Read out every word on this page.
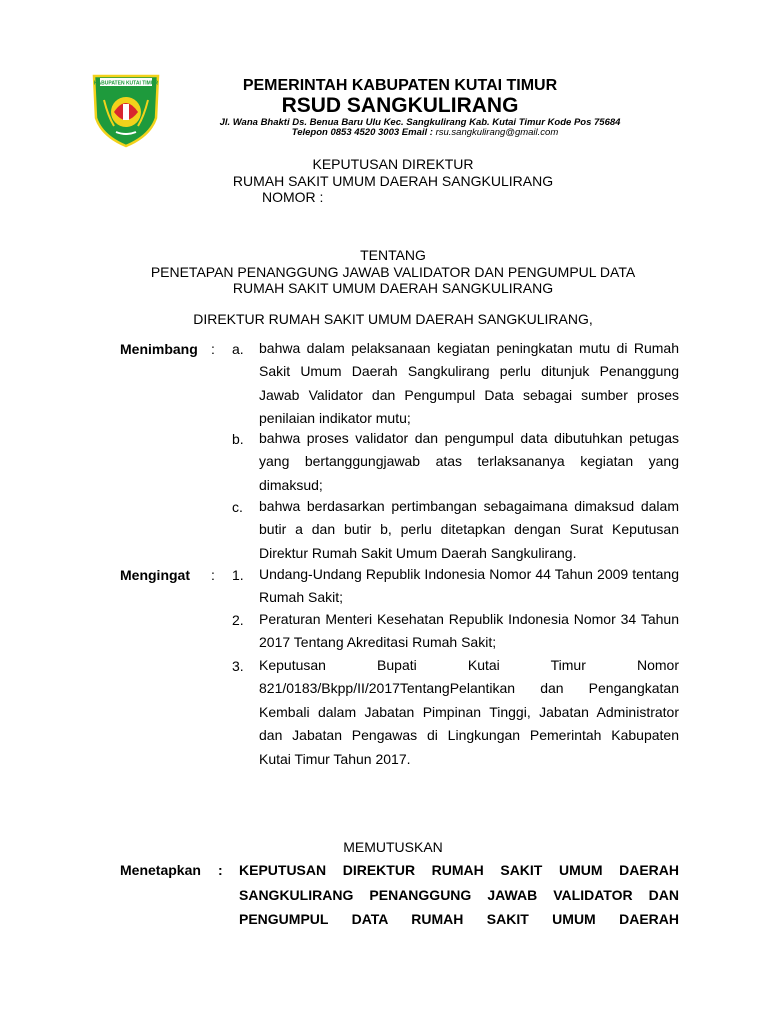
KABUPATEN KUTAI TIMUR	PEMERINTAH KABUPATEN KUTAI TIMUR
RSUD SANGKULIRANG
Jl. Wana Bhakti Ds. Benua Baru Ulu Kec. Sangkulirang Kab. Kutai Timur Kode Pos 75684
Telepon 0853 4520 3003 Email : rsu.sangkulirang@gmail.com
KEPUTUSAN DIREKTUR
RUMAH SAKIT UMUM DAERAH SANGKULIRANG
NOMOR :
TENTANG
PENETAPAN PENANGGUNG JAWAB VALIDATOR DAN PENGUMPUL DATA
RUMAH SAKIT UMUM DAERAH SANGKULIRANG
DIREKTUR RUMAH SAKIT UMUM DAERAH SANGKULIRANG,
Menimbang : a. bahwa dalam pelaksanaan kegiatan peningkatan mutu di Rumah Sakit Umum Daerah Sangkulirang perlu ditunjuk Penanggung Jawab Validator dan Pengumpul Data sebagai sumber proses penilaian indikator mutu;
b. bahwa proses validator dan pengumpul data dibutuhkan petugas yang bertanggungjawab atas terlaksananya kegiatan yang dimaksud;
c. bahwa berdasarkan pertimbangan sebagaimana dimaksud dalam butir a dan butir b, perlu ditetapkan dengan Surat Keputusan Direktur Rumah Sakit Umum Daerah Sangkulirang.
Mengingat : 1. Undang-Undang Republik Indonesia Nomor 44 Tahun 2009 tentang Rumah Sakit;
2. Peraturan Menteri Kesehatan Republik Indonesia Nomor 34 Tahun 2017 Tentang Akreditasi Rumah Sakit;
3. Keputusan Bupati Kutai Timur Nomor 821/0183/Bkpp/II/2017TentangPelantikan dan Pengangkatan Kembali dalam Jabatan Pimpinan Tinggi, Jabatan Administrator dan Jabatan Pengawas di Lingkungan Pemerintah Kabupaten Kutai Timur Tahun 2017.
MEMUTUSKAN
Menetapkan : KEPUTUSAN DIREKTUR RUMAH SAKIT UMUM DAERAH SANGKULIRANG PENANGGUNG JAWAB VALIDATOR DAN PENGUMPUL DATA RUMAH SAKIT UMUM DAERAH
